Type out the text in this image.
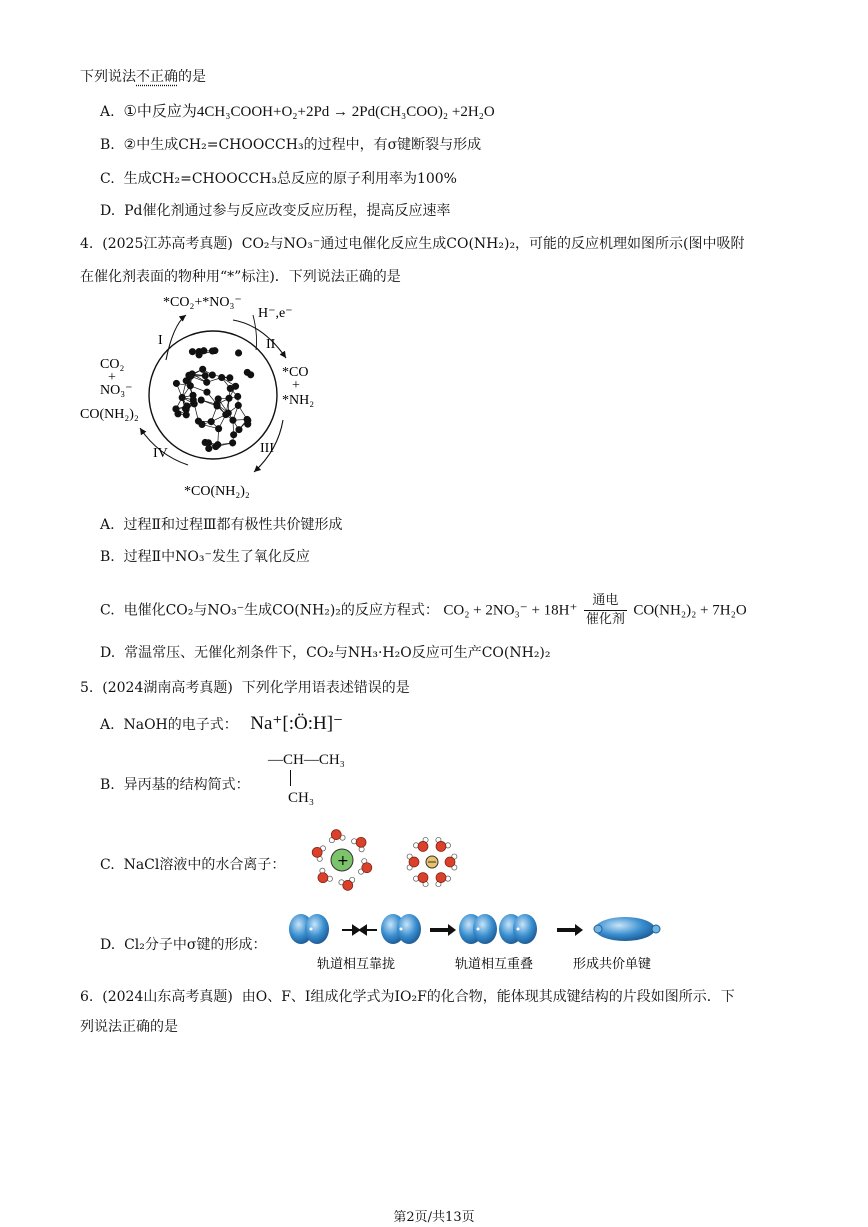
下列说法不正确的是
A. ①中反应为4CH₃COOH+O₂+2Pd → 2Pd(CH₃COO)₂ +2H₂O
B. ②中生成CH₂=CHOOCCH₃的过程中，有σ键断裂与形成
C. 生成CH₂=CHOOCCH₃总反应的原子利用率为100%
D. Pd催化剂通过参与反应改变反应历程，提高反应速率
4. (2025江苏高考真题) CO₂与NO₃⁻通过电催化反应生成CO(NH₂)₂，可能的反应机理如图所示(图中吸附
在催化剂表面的物种用“*”标注)．下列说法正确的是
*CO₂+*NO₃⁻
H⁻,e⁻
I	II
III
IV
CO₂
+
NO₃⁻
CO(NH₂)₂
*CO
+
*NH₂
*CO(NH₂)₂
A. 过程Ⅱ和过程Ⅲ都有极性共价键形成
B. 过程Ⅱ中NO₃⁻发生了氧化反应
C. 电催化CO₂与NO₃⁻生成CO(NH₂)₂的反应方程式： CO₂ + 2NO₃⁻ + 18H⁺
通电
催化剂
CO(NH₂)₂ + 7H₂O
D. 常温常压、无催化剂条件下，CO₂与NH₃·H₂O反应可生产CO(NH₂)₂
5. (2024湖南高考真题) 下列化学用语表述错误的是
A. NaOH的电子式： Na⁺[:Ö:H]⁻
B. 异丙基的结构简式：
—CH—CH₃
CH₃
C. NaCl溶液中的水合离子：	+
D. Cl₂分子中σ键的形成：
轨道相互靠拢	轨道相互重叠	形成共价单键
6. (2024山东高考真题) 由O、F、I组成化学式为IO₂F的化合物，能体现其成键结构的片段如图所示．下
列说法正确的是
第2页/共13页
